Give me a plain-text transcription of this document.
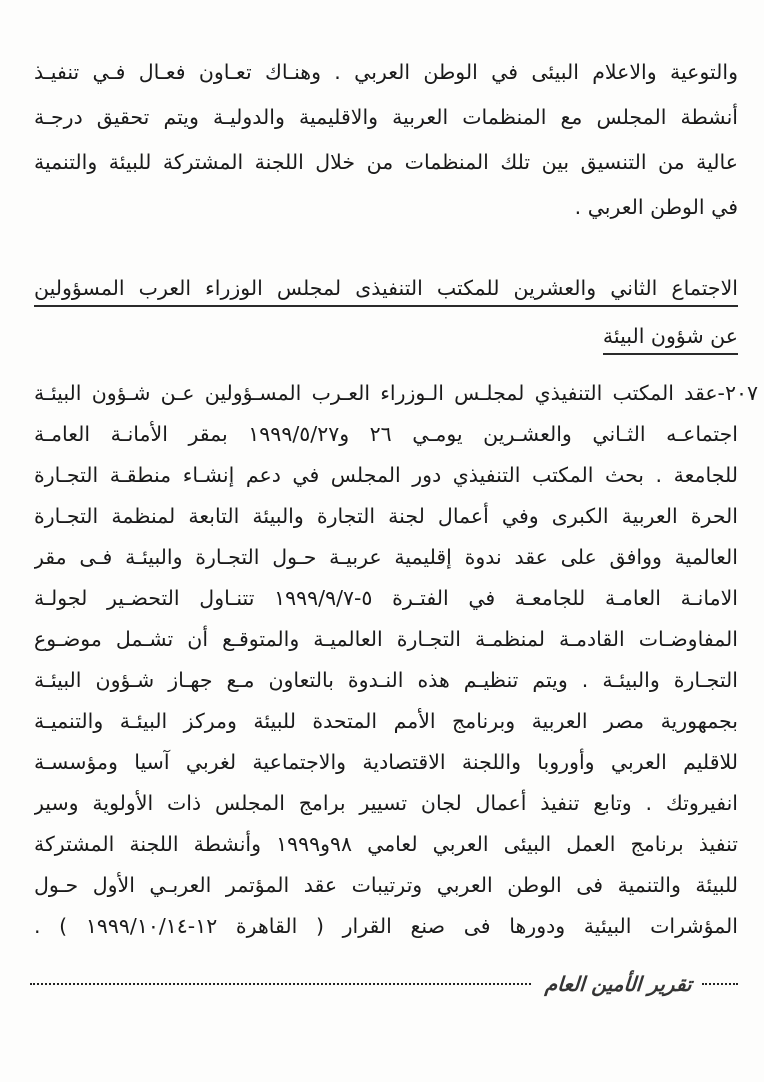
والتوعية والاعلام البيئى في الوطن العربي . وهنـاك تعـاون فعـال فـي تنفيـذ
أنشطة المجلس مع المنظمات العربية والاقليمية والدوليـة ويتم تحقيق درجـة
عالية من التنسيق بين تلك المنظمات من خلال اللجنة المشتركة للبيئة والتنمية
في الوطن العربي .
الاجتماع الثاني والعشرين للمكتب التنفيذى لمجلس الوزراء العرب المسؤولين
عن شؤون البيئة
٢٠٧-عقد المكتب التنفيذي لمجلـس الـوزراء العـرب المسـؤولين عـن شـؤون البيئـة
اجتماعـه الثـاني والعشـرين يومـي ٢٦ و٢٧‏/‏٥‏/‏١٩٩٩ بمقر الأمانـة العامـة
للجامعة . بحث المكتب التنفيذي دور المجلس في دعم إنشـاء منطقـة التجـارة
الحرة العربية الكبرى وفي أعمال لجنة التجارة والبيئة التابعة لمنظمة التجـارة
العالمية ووافق على عقد ندوة إقليمية عربيـة حـول التجـارة والبيئـة فـى مقر
الامانـة العامـة للجامعـة في الفتـرة ٥-٧‏/‏٩‏/‏١٩٩٩ تتنـاول التحضـير لجولـة
المفاوضـات القادمـة لمنظمـة التجـارة العالميـة والمتوقـع أن تشـمل موضـوع
التجـارة والبيئـة . ويتم تنظيـم هذه النـدوة بالتعاون مـع جهـاز شـؤون البيئـة
بجمهورية مصر العربية وبرنامج الأمم المتحدة للبيئة ومركز البيئـة والتنميـة
للاقليم العربي وأوروبا واللجنة الاقتصادية والاجتماعية لغربي آسيا ومؤسسـة
انفيروتك . وتابع تنفيذ أعمال لجان تسيير برامج المجلس ذات الأولوية وسير
تنفيذ برنامج العمل البيئى العربي لعامي ٩٨و١٩٩٩ وأنشطة اللجنة المشتركة
للبيئة والتنمية فى الوطن العربي وترتيبات عقد المؤتمر العربـي الأول حـول
المؤشرات البيئية ودورها فى صنع القرار ( القاهرة ١٢-١٤‏/‏١٠‏/‏١٩٩٩ ) .
تقرير الأمين العام
